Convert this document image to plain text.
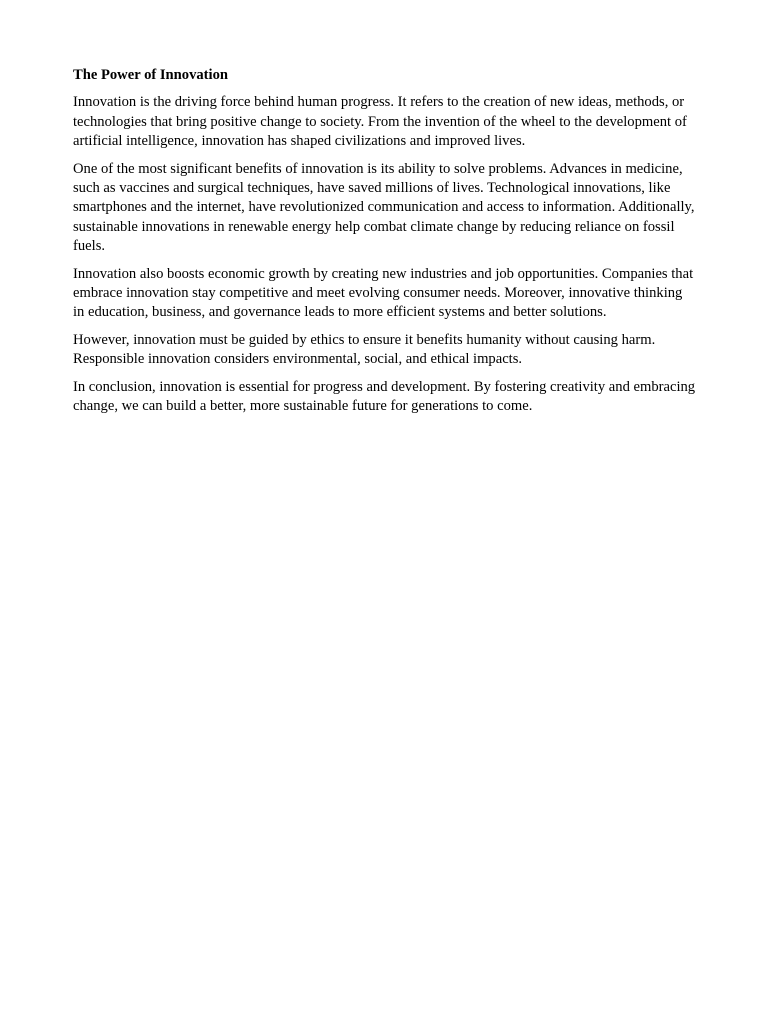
The Power of Innovation

Innovation is the driving force behind human progress. It refers to the creation of new ideas, methods, or technologies that bring positive change to society. From the invention of the wheel to the development of artificial intelligence, innovation has shaped civilizations and improved lives.

One of the most significant benefits of innovation is its ability to solve problems. Advances in medicine, such as vaccines and surgical techniques, have saved millions of lives. Technological innovations, like smartphones and the internet, have revolutionized communication and access to information. Additionally, sustainable innovations in renewable energy help combat climate change by reducing reliance on fossil fuels.

Innovation also boosts economic growth by creating new industries and job opportunities. Companies that embrace innovation stay competitive and meet evolving consumer needs. Moreover, innovative thinking in education, business, and governance leads to more efficient systems and better solutions.

However, innovation must be guided by ethics to ensure it benefits humanity without causing harm. Responsible innovation considers environmental, social, and ethical impacts.

In conclusion, innovation is essential for progress and development. By fostering creativity and embracing change, we can build a better, more sustainable future for generations to come.
